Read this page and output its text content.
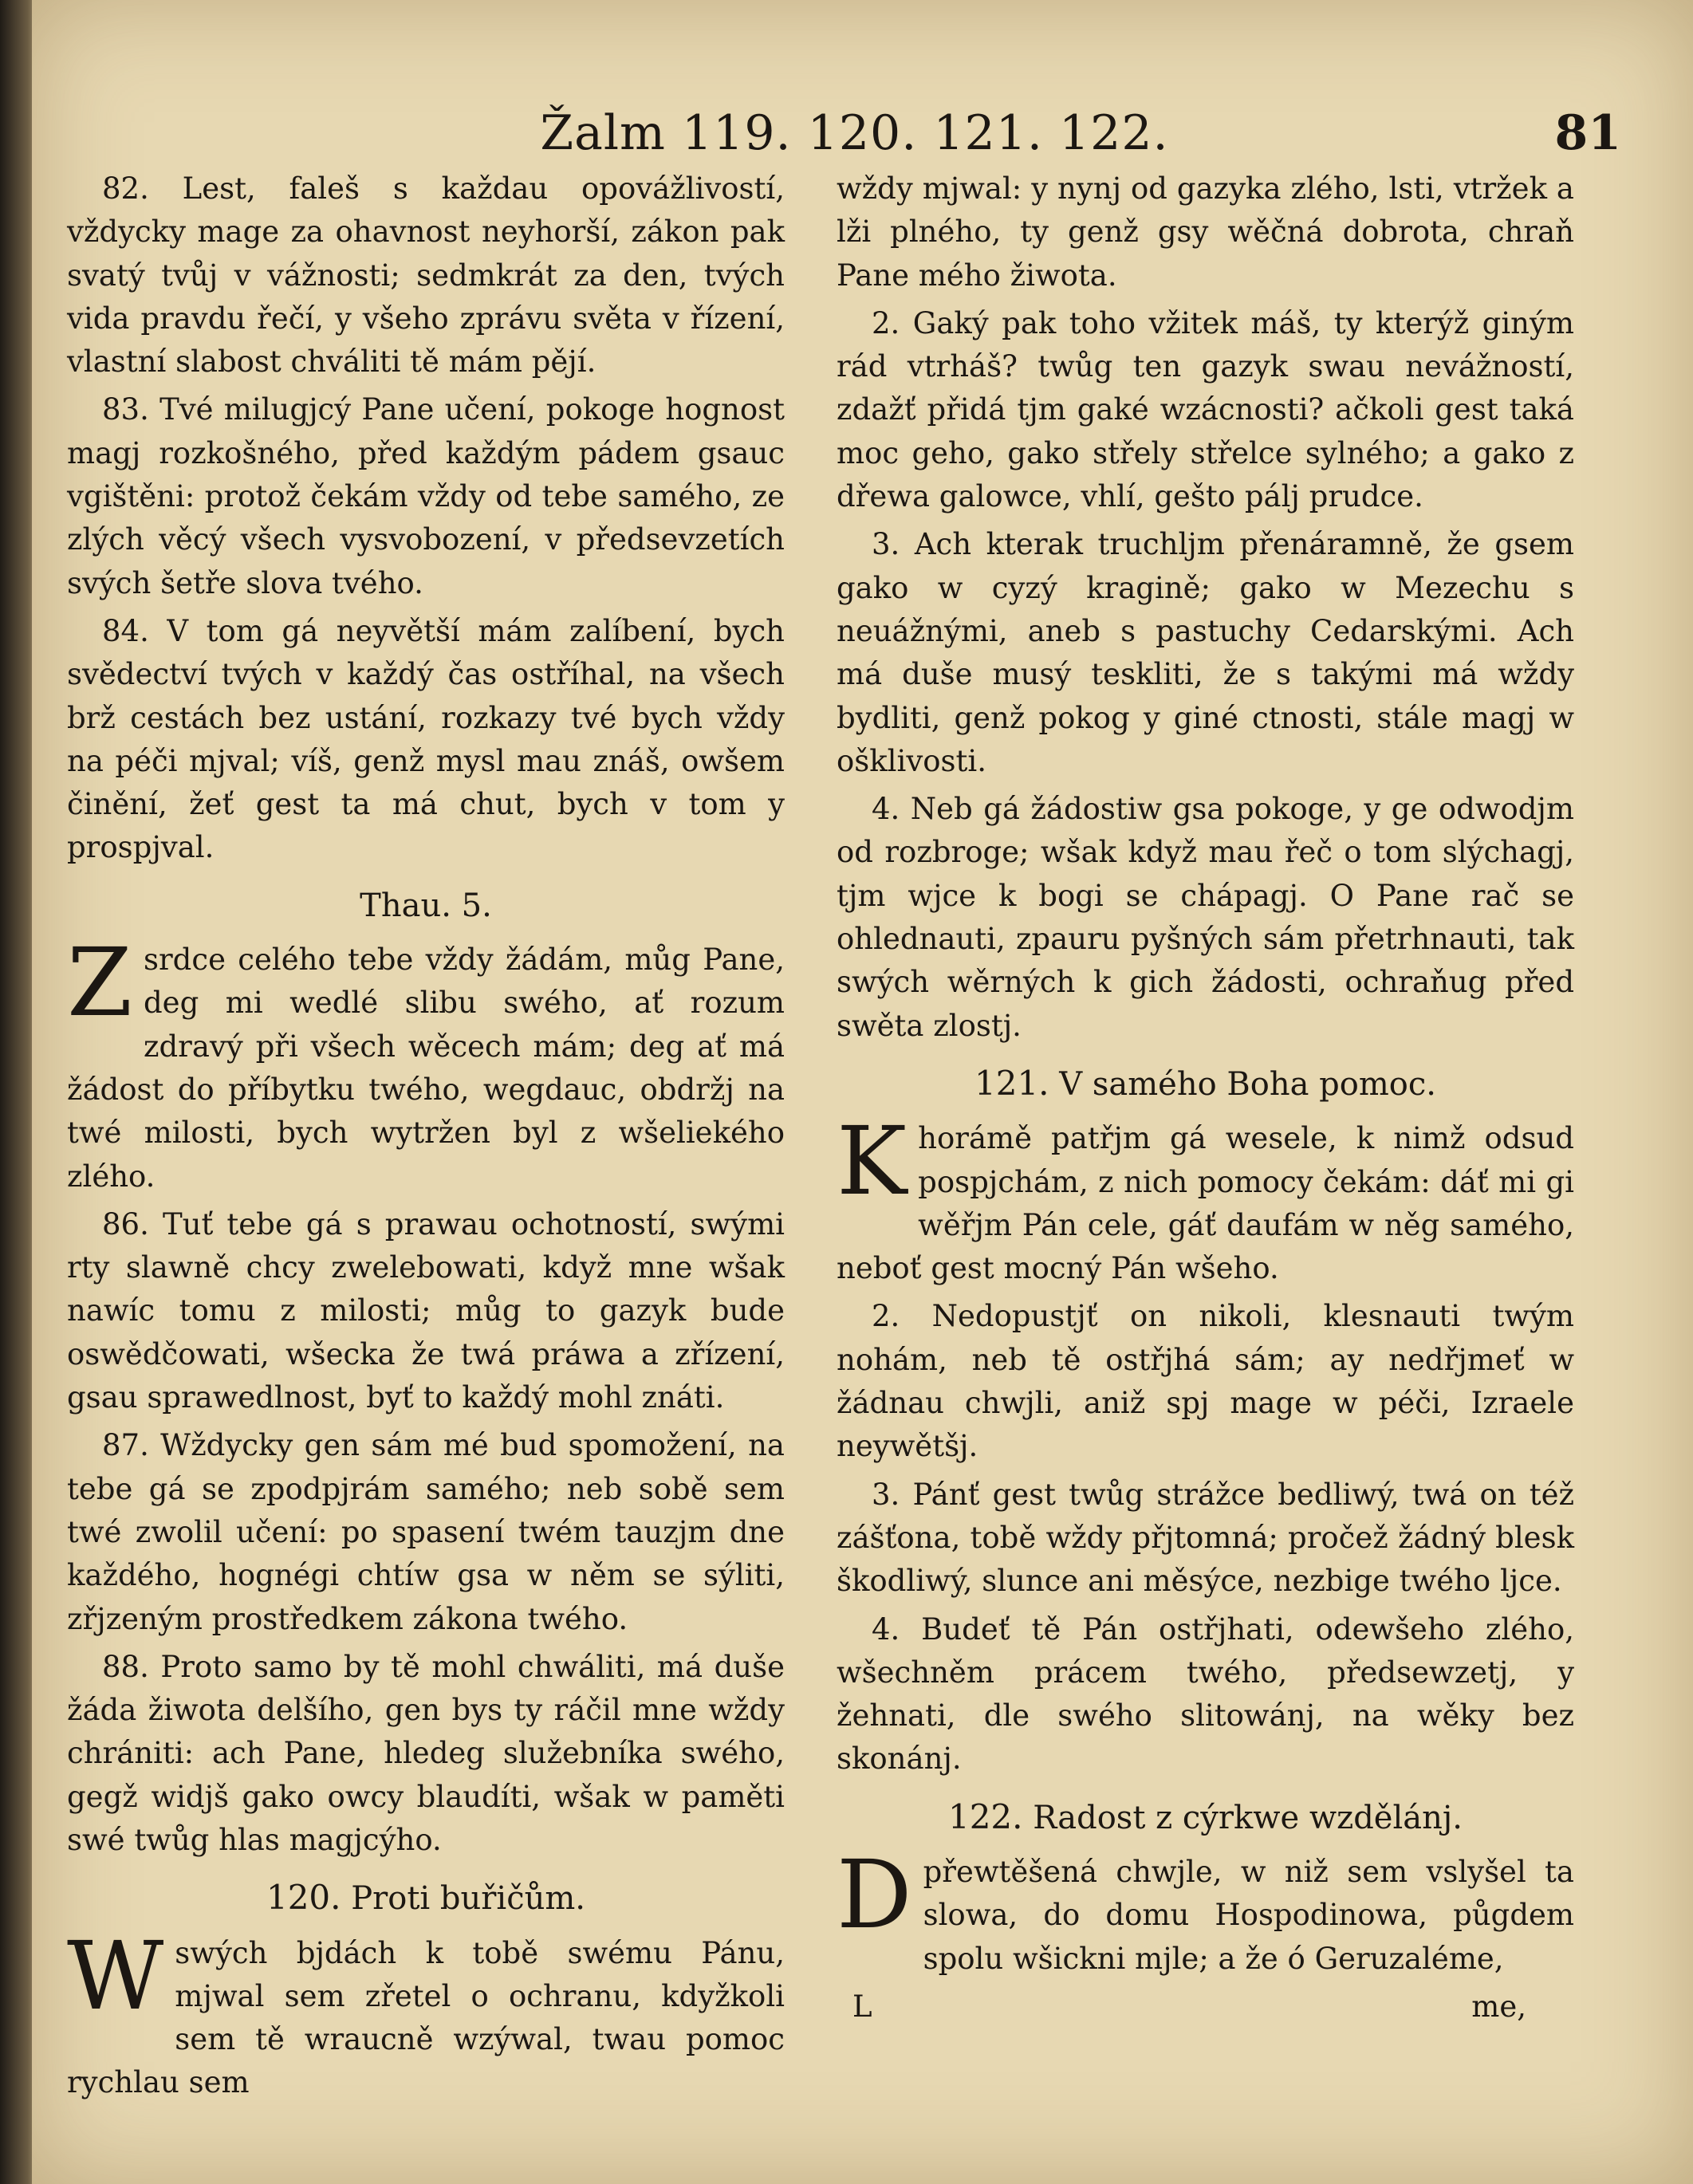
Žalm 119. 120. 121. 122.	81

82. Lest, faleš s každau opovážlivostí, vždycky mage za ohavnost neyhorší, zákon pak svatý tvůj v vážnosti; sedmkrát za den, tvých vida pravdu řečí, y všeho zprávu světa v řízení, vlastní slabost chváliti tě mám pějí.

83. Tvé milugjcý Pane učení, pokoge hognost magj rozkošného, před každým pádem gsauc vgištěni: protož čekám vždy od tebe samého, ze zlých věcý všech vysvobození, v předsevzetích svých šetře slova tvého.

84. V tom gá neyvětší mám zalíbení, bych svědectví tvých v každý čas ostříhal, na všech brž cestách bez ustání, rozkazy tvé bych vždy na péči mjval; víš, genž mysl mau znáš, owšem činění, žeť gest ta má chut, bych v tom y prospjval.

Thau. 5.

Z srdce celého tebe vždy žádám, můg Pane, deg mi wedlé slibu swého, ať rozum zdravý při všech wěcech mám; deg ať má žádost do příbytku twého, wegdauc, obdržj na twé milosti, bych wytržen byl z wšeliekého zlého.

86. Tuť tebe gá s prawau ochotností, swými rty slawně chcy zwelebowati, když mne wšak nawíc tomu z milosti; můg to gazyk bude oswědčowati, wšecka že twá práwa a zřízení, gsau sprawedlnost, byť to každý mohl znáti.

87. Wždycky gen sám mé bud spomožení, na tebe gá se zpodpjrám samého; neb sobě sem twé zwolil učení: po spasení twém tauzjm dne každého, hognégi chtíw gsa w něm se sýliti, zřjzeným prostředkem zákona twého.

88. Proto samo by tě mohl chwáliti, má duše žáda žiwota delšího, gen bys ty ráčil mne wždy chrániti: ach Pane, hledeg služebníka swého, gegž widjš gako owcy blaudíti, wšak w paměti swé twůg hlas magjcýho.

120. Proti buřičům.

W swých bjdách k tobě swému Pánu, mjwal sem zřetel o ochranu, kdyžkoli sem tě wraucně wzýwal, twau pomoc rychlau sem

wždy mjwal: y nynj od gazyka zlého, lsti, vtržek a lži plného, ty genž gsy wěčná dobrota, chraň Pane mého žiwota.

2. Gaký pak toho vžitek máš, ty kterýž giným rád vtrháš? twůg ten gazyk swau nevážností, zdažť přidá tjm gaké wzácnosti? ačkoli gest taká moc geho, gako střely střelce sylného; a gako z dřewa galowce, vhlí, gešto pálj prudce.

3. Ach kterak truchljm přenáramně, že gsem gako w cyzý kragině; gako w Mezechu s neuážnými, aneb s pastuchy Cedarskými. Ach má duše musý teskliti, že s takými má wždy bydliti, genž pokog y giné ctnosti, stále magj w ošklivosti.

4. Neb gá žádostiw gsa pokoge, y ge odwodjm od rozbroge; wšak když mau řeč o tom slýchagj, tjm wjce k bogi se chápagj. O Pane rač se ohlednauti, zpauru pyšných sám přetrhnauti, tak swých wěrných k gich žádosti, ochraňug před swěta zlostj.

121. V samého Boha pomoc.

K horámě patřjm gá wesele, k nimž odsud pospjchám, z nich pomocy čekám: dáť mi gi wěřjm Pán cele, gáť daufám w něg samého, neboť gest mocný Pán wšeho.

2. Nedopustjť on nikoli, klesnauti twým nohám, neb tě ostřjhá sám; ay nedřjmeť w žádnau chwjli, aniž spj mage w péči, Izraele neywětšj.

3. Pánť gest twůg strážce bedliwý, twá on též zášťona, tobě wždy přjtomná; pročež žádný blesk škodliwý, slunce ani měsýce, nezbige twého ljce.

4. Budeť tě Pán ostřjhati, odewšeho zlého, wšechněm prácem twého, předsewzetj, y žehnati, dle swého slitowánj, na wěky bez skonánj.

122. Radost z cýrkwe wzdělánj.

D přewtěšená chwjle, w niž sem vslyšel ta slowa, do domu Hospodinowa, půgdem spolu wšickni mjle; a že ó Geruzaléme,

L	me,
